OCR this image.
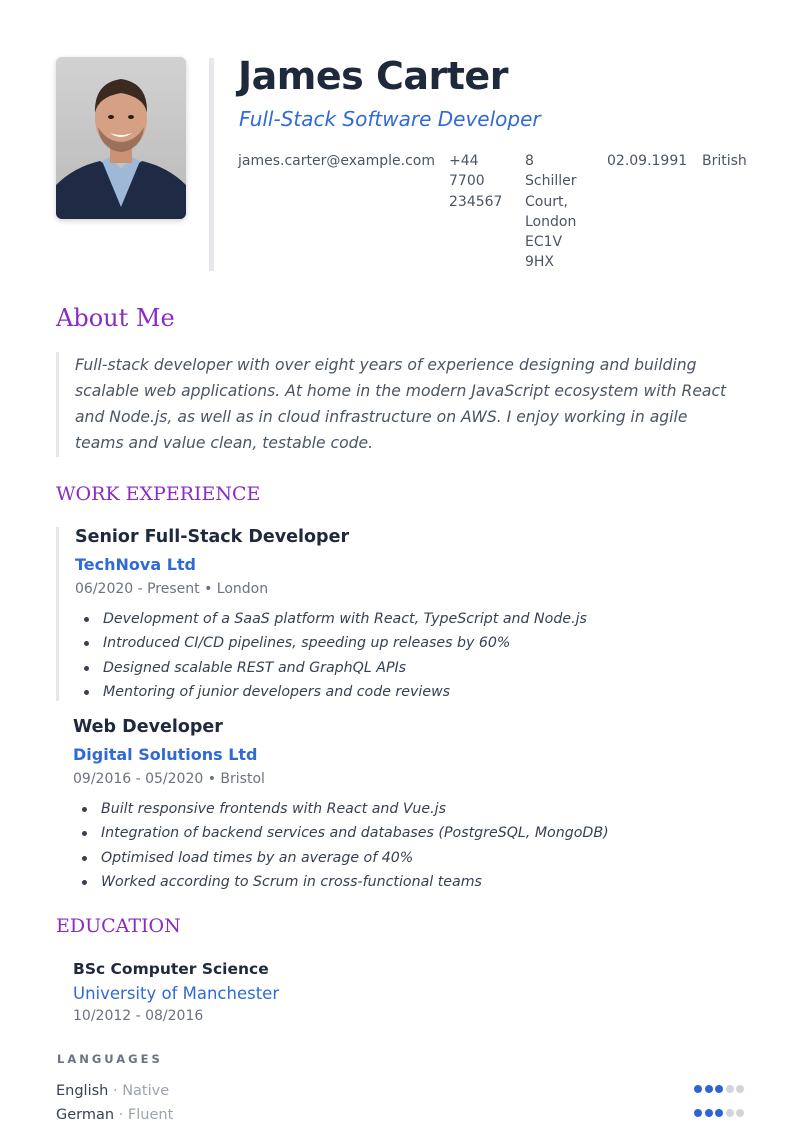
James Carter
Full-Stack Software Developer
james.carter@example.com +44 7700 234567
8 Schiller Court, London EC1V 9HX
02.09.1991	British
About Me
Full-stack developer with over eight years of experience designing and building scalable web applications. At home in the modern JavaScript ecosystem with React and Node.js, as well as in cloud infrastructure on AWS. I enjoy working in agile teams and value clean, testable code.
WORK EXPERIENCE
Senior Full-Stack Developer
TechNova Ltd
06/2020 - Present • London
Development of a SaaS platform with React, TypeScript and Node.js
Introduced CI/CD pipelines, speeding up releases by 60%
Designed scalable REST and GraphQL APIs
Mentoring of junior developers and code reviews
Web Developer
Digital Solutions Ltd
09/2016 - 05/2020 • Bristol
Built responsive frontends with React and Vue.js
Integration of backend services and databases (PostgreSQL, MongoDB)
Optimised load times by an average of 40%
Worked according to Scrum in cross-functional teams
EDUCATION
BSc Computer Science
University of Manchester
10/2012 - 08/2016
LANGUAGES
English · Native
German · Fluent
